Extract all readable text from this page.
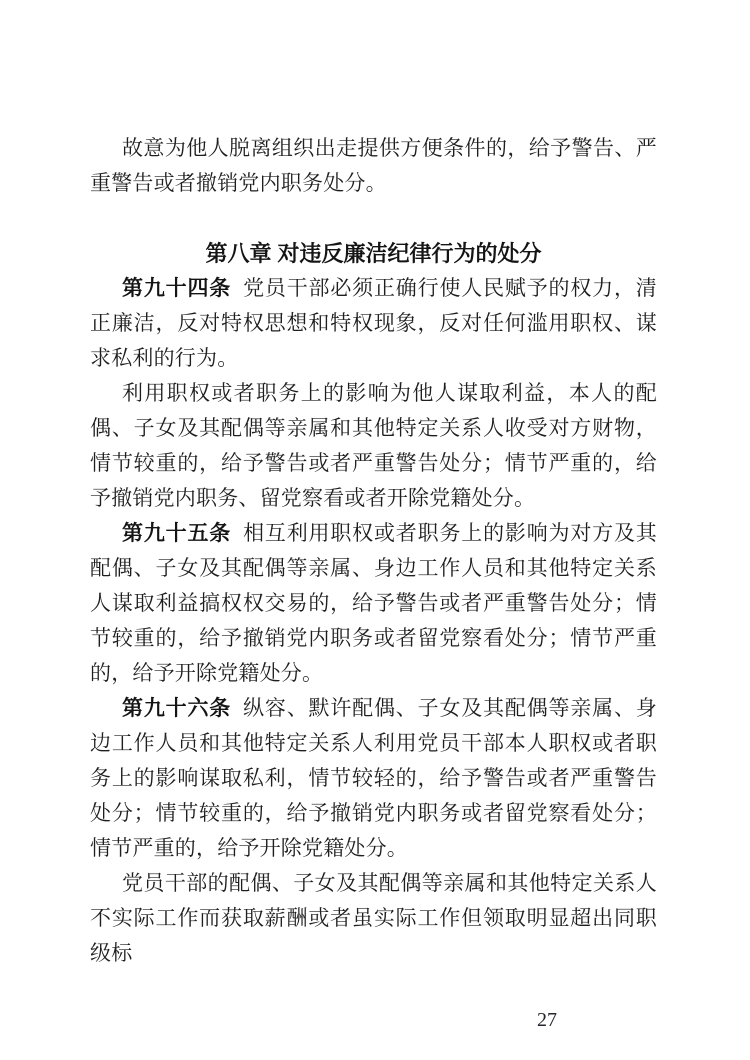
故意为他人脱离组织出走提供方便条件的，给予警告、严重警告或者撤销党内职务处分。

第八章 对违反廉洁纪律行为的处分

第九十四条 党员干部必须正确行使人民赋予的权力，清正廉洁，反对特权思想和特权现象，反对任何滥用职权、谋求私利的行为。

利用职权或者职务上的影响为他人谋取利益，本人的配偶、子女及其配偶等亲属和其他特定关系人收受对方财物，情节较重的，给予警告或者严重警告处分；情节严重的，给予撤销党内职务、留党察看或者开除党籍处分。

第九十五条 相互利用职权或者职务上的影响为对方及其配偶、子女及其配偶等亲属、身边工作人员和其他特定关系人谋取利益搞权权交易的，给予警告或者严重警告处分；情节较重的，给予撤销党内职务或者留党察看处分；情节严重的，给予开除党籍处分。

第九十六条 纵容、默许配偶、子女及其配偶等亲属、身边工作人员和其他特定关系人利用党员干部本人职权或者职务上的影响谋取私利，情节较轻的，给予警告或者严重警告处分；情节较重的，给予撤销党内职务或者留党察看处分；情节严重的，给予开除党籍处分。

党员干部的配偶、子女及其配偶等亲属和其他特定关系人不实际工作而获取薪酬或者虽实际工作但领取明显超出同职级标

27
